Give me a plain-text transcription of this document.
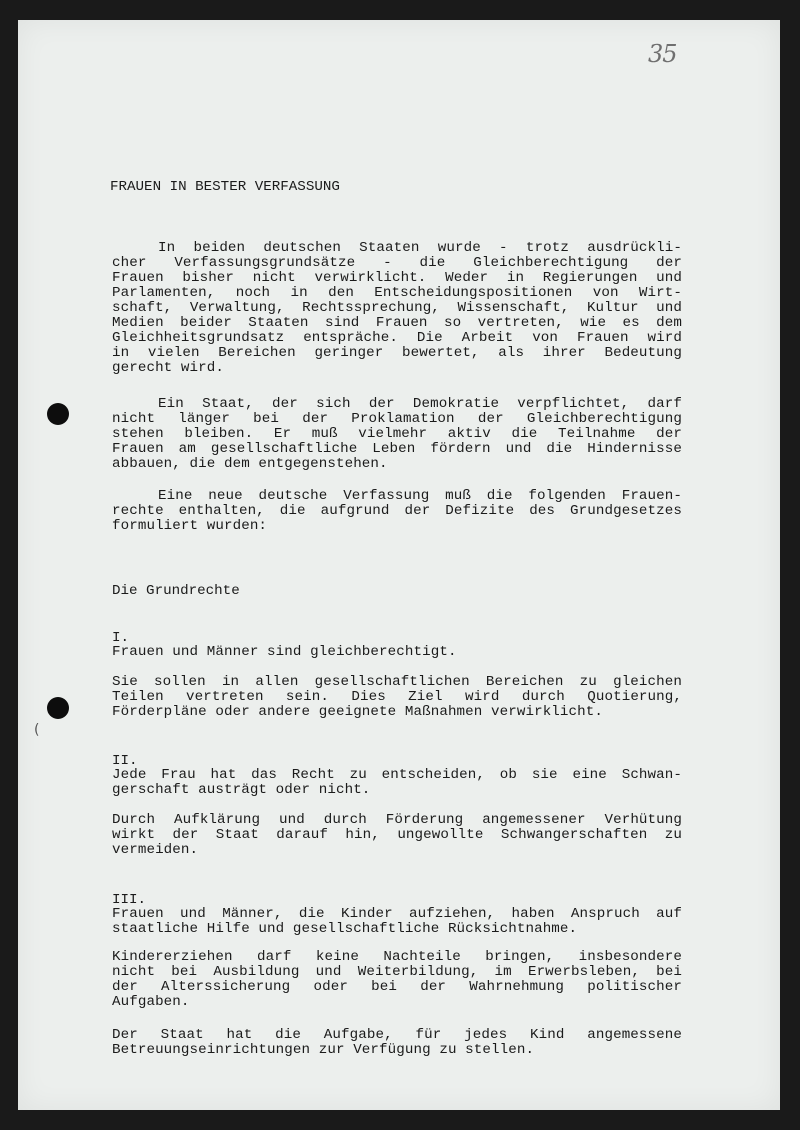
35
(
FRAUEN IN BESTER VERFASSUNG
In beiden deutschen Staaten wurde - trotz ausdrückli-
cher Verfassungsgrundsätze - die Gleichberechtigung der
Frauen bisher nicht verwirklicht. Weder in Regierungen und
Parlamenten, noch in den Entscheidungspositionen von Wirt-
schaft, Verwaltung, Rechtssprechung, Wissenschaft, Kultur und
Medien beider Staaten sind Frauen so vertreten, wie es dem
Gleichheitsgrundsatz entspräche. Die Arbeit von Frauen wird
in vielen Bereichen geringer bewertet, als ihrer Bedeutung
gerecht wird.
Ein Staat, der sich der Demokratie verpflichtet, darf
nicht länger bei der Proklamation der Gleichberechtigung
stehen bleiben. Er muß vielmehr aktiv die Teilnahme der
Frauen am gesellschaftliche Leben fördern und die Hindernisse
abbauen, die dem entgegenstehen.
Eine neue deutsche Verfassung muß die folgenden Frauen-
rechte enthalten, die aufgrund der Defizite des Grundgesetzes
formuliert wurden:
Die Grundrechte
I.
Frauen und Männer sind gleichberechtigt.
Sie sollen in allen gesellschaftlichen Bereichen zu gleichen
Teilen vertreten sein. Dies Ziel wird durch Quotierung,
Förderpläne oder andere geeignete Maßnahmen verwirklicht.
II.
Jede Frau hat das Recht zu entscheiden, ob sie eine Schwan-
gerschaft austrägt oder nicht.
Durch Aufklärung und durch Förderung angemessener Verhütung
wirkt der Staat darauf hin, ungewollte Schwangerschaften zu
vermeiden.
III.
Frauen und Männer, die Kinder aufziehen, haben Anspruch auf
staatliche Hilfe und gesellschaftliche Rücksichtnahme.
Kindererziehen darf keine Nachteile bringen, insbesondere
nicht bei Ausbildung und Weiterbildung, im Erwerbsleben, bei
der Alterssicherung oder bei der Wahrnehmung politischer
Aufgaben.
Der Staat hat die Aufgabe, für jedes Kind angemessene
Betreuungseinrichtungen zur Verfügung zu stellen.
